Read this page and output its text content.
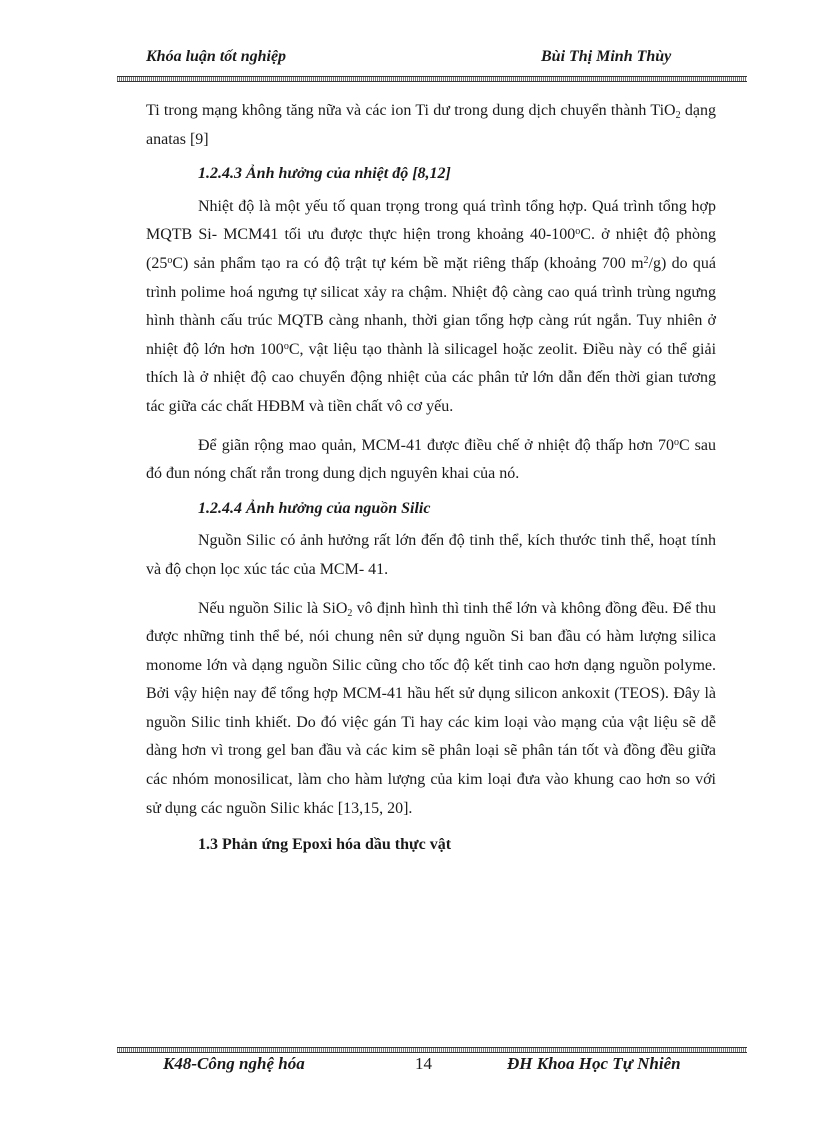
Khóa luận tốt nghiệp	Bùi Thị Minh Thùy

Ti trong mạng không tăng nữa và các ion Ti dư trong dung dịch chuyển thành TiO$_2$ dạng anatas [9]

1.2.4.3 Ảnh hưởng của nhiệt độ [8,12]

Nhiệt độ là một yếu tố quan trọng trong quá trình tổng hợp. Quá trình tổng hợp MQTB Si- MCM41 tối ưu được thực hiện trong khoảng 40-100$^o$C. ở nhiệt độ phòng (25$^o$C) sản phẩm tạo ra có độ trật tự kém bề mặt riêng thấp (khoảng 700 $m^2/g$) do quá trình polime hoá ngưng tự silicat xảy ra chậm. Nhiệt độ càng cao quá trình trùng ngưng hình thành cấu trúc MQTB càng nhanh, thời gian tổng hợp càng rút ngắn. Tuy nhiên ở nhiệt độ lớn hơn 100$^o$C, vật liệu tạo thành là silicagel hoặc zeolit. Điều này có thể giải thích là ở nhiệt độ cao chuyển động nhiệt của các phân tử lớn dẫn đến thời gian tương tác giữa các chất HĐBM và tiền chất vô cơ yếu.

Để giãn rộng mao quản, MCM-41 được điều chế ở nhiệt độ thấp hơn 70$^o$C sau đó đun nóng chất rắn trong dung dịch nguyên khai của nó.

1.2.4.4 Ảnh hưởng của nguồn Silic

Nguồn Silic có ảnh hưởng rất lớn đến độ tinh thể, kích thước tinh thể, hoạt tính và độ chọn lọc xúc tác của MCM- 41.

Nếu nguồn Silic là SiO$_2$ vô định hình thì tinh thể lớn và không đồng đều. Để thu được những tinh thể bé, nói chung nên sử dụng nguồn Si ban đầu có hàm lượng silica monome lớn và dạng nguồn Silic cũng cho tốc độ kết tinh cao hơn dạng nguồn polyme. Bởi vậy hiện nay để tổng hợp MCM-41 hầu hết sử dụng silicon ankoxit (TEOS). Đây là nguồn Silic tinh khiết. Do đó việc gán Ti hay các kim loại vào mạng của vật liệu sẽ dễ dàng hơn vì trong gel ban đầu và các kim sẽ phân loại sẽ phân tán tốt và đồng đều giữa các nhóm monosilicat, làm cho hàm lượng của kim loại đưa vào khung cao hơn so với sử dụng các nguồn Silic khác [13,15, 20].

1.3 Phản ứng Epoxi hóa dầu thực vật
K48-Công nghệ hóa	14	ĐH Khoa Học Tự Nhiên
